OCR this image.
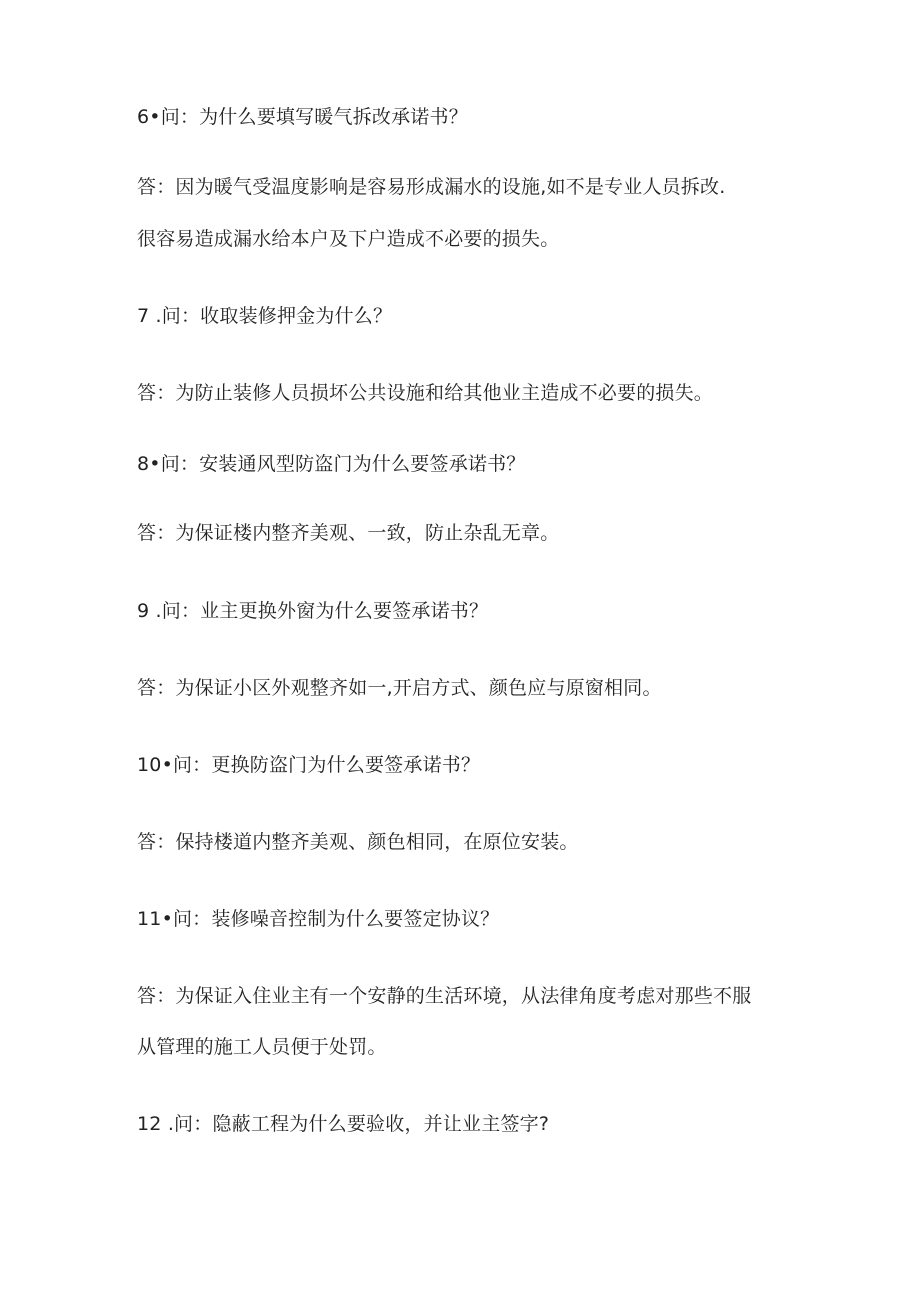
6•问：为什么要填写暖气拆改承诺书？
答：因为暖气受温度影响是容易形成漏水的设施,如不是专业人员拆改.
很容易造成漏水给本户及下户造成不必要的损失。
7 .问：收取装修押金为什么？
答：为防止装修人员损坏公共设施和给其他业主造成不必要的损失。
8•问：安装通风型防盗门为什么要签承诺书？
答：为保证楼内整齐美观、一致，防止杂乱无章。
9 .问：业主更换外窗为什么要签承诺书？
答：为保证小区外观整齐如一,开启方式、颜色应与原窗相同。
10•问：更换防盗门为什么要签承诺书？
答：保持楼道内整齐美观、颜色相同，在原位安装。
11•问：装修噪音控制为什么要签定协议？
答：为保证入住业主有一个安静的生活环境，从法律角度考虑对那些不服
从管理的施工人员便于处罚。
12 .问：隐蔽工程为什么要验收，并让业主签字?
